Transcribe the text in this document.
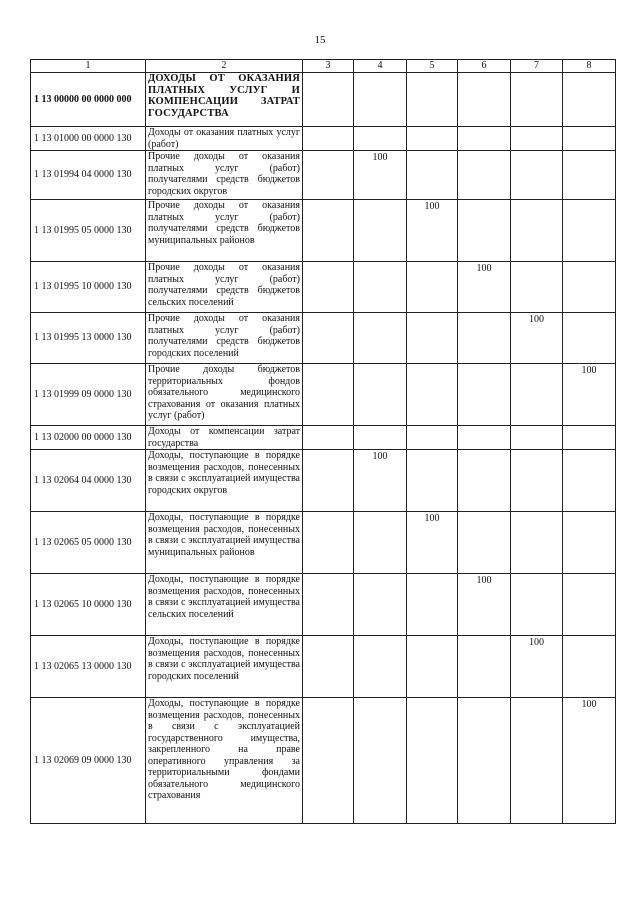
15
1	2	3	4	5	6	7	8
1 13 00000 00 0000 000	ДОХОДЫ ОТ ОКАЗАНИЯ ПЛАТНЫХ УСЛУГ И КОМПЕНСАЦИИ ЗАТРАТ ГОСУДАРСТВА						
1 13 01000 00 0000 130	Доходы от оказания платных услуг (работ)						
1 13 01994 04 0000 130	Прочие доходы от оказания платных услуг (работ) получателями средств бюджетов городских округов		100				
1 13 01995 05 0000 130	Прочие доходы от оказания платных услуг (работ) получателями средств бюджетов муниципальных районов			100			
1 13 01995 10 0000 130	Прочие доходы от оказания платных услуг (работ) получателями средств бюджетов сельских поселений				100		
1 13 01995 13 0000 130	Прочие доходы от оказания платных услуг (работ) получателями средств бюджетов городских поселений					100	
1 13 01999 09 0000 130	Прочие доходы бюджетов территориальных фондов обязательного медицинского страхования от оказания платных услуг (работ)						100
1 13 02000 00 0000 130	Доходы от компенсации затрат государства						
1 13 02064 04 0000 130	Доходы, поступающие в порядке возмещения расходов, понесенных в связи с эксплуатацией имущества городских округов		100				
1 13 02065 05 0000 130	Доходы, поступающие в порядке возмещения расходов, понесенных в связи с эксплуатацией имущества муниципальных районов			100			
1 13 02065 10 0000 130	Доходы, поступающие в порядке возмещения расходов, понесенных в связи с эксплуатацией имущества сельских поселений				100		
1 13 02065 13 0000 130	Доходы, поступающие в порядке возмещения расходов, понесенных в связи с эксплуатацией имущества городских поселений					100	
1 13 02069 09 0000 130	Доходы, поступающие в порядке возмещения расходов, понесенных в связи с эксплуатацией государственного имущества, закрепленного на праве оперативного управления за территориальными фондами обязательного медицинского страхования						100
